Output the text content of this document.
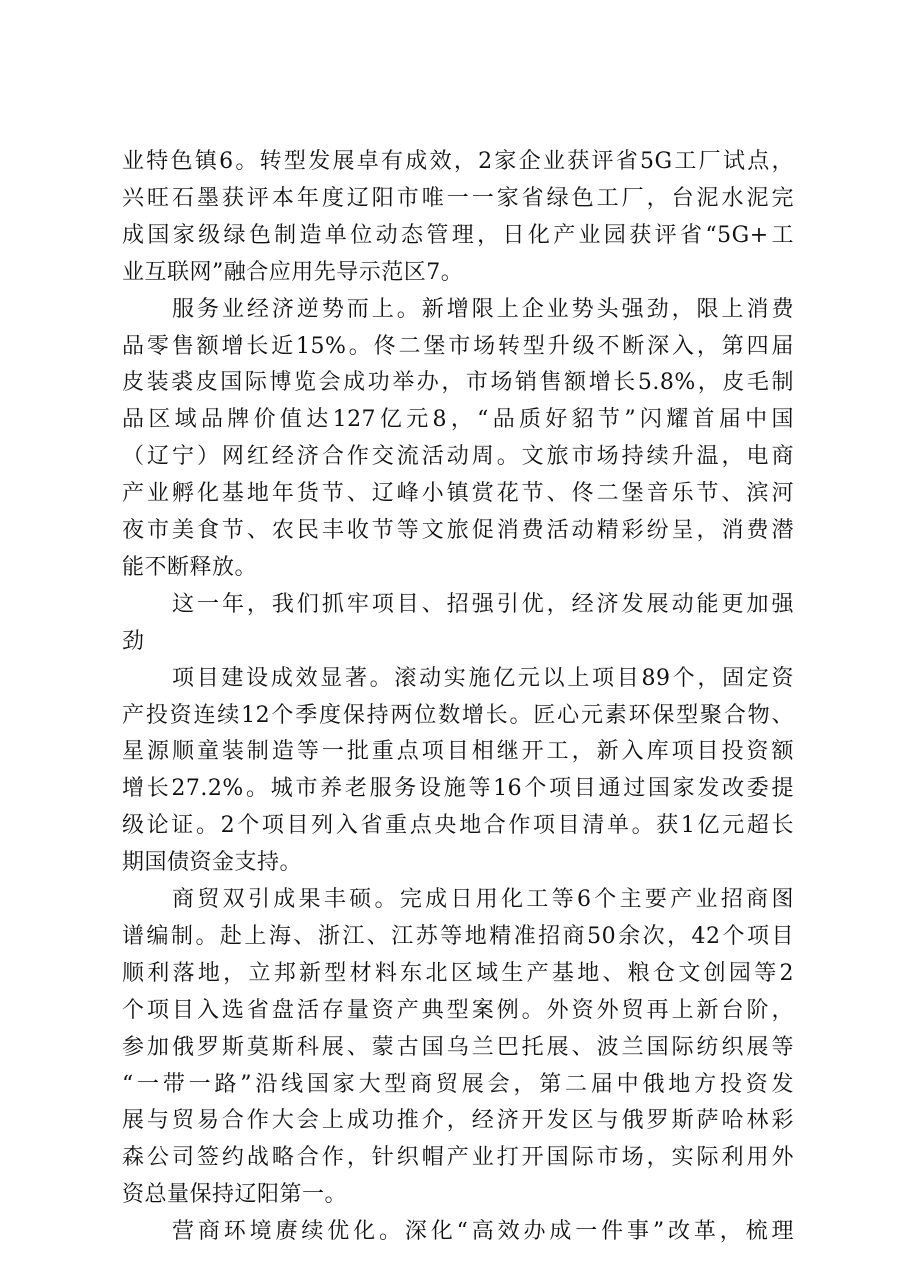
业特色镇6。转型发展卓有成效，2家企业获评省5G工厂试点，
兴旺石墨获评本年度辽阳市唯一一家省绿色工厂，台泥水泥完
成国家级绿色制造单位动态管理，日化产业园获评省“5G+工
业互联网”融合应用先导示范区7。
服务业经济逆势而上。新增限上企业势头强劲，限上消费
品零售额增长近15%。佟二堡市场转型升级不断深入，第四届
皮装裘皮国际博览会成功举办，市场销售额增长5.8%，皮毛制
品区域品牌价值达127亿元8，“品质好貂节”闪耀首届中国
（辽宁）网红经济合作交流活动周。文旅市场持续升温，电商
产业孵化基地年货节、辽峰小镇赏花节、佟二堡音乐节、滨河
夜市美食节、农民丰收节等文旅促消费活动精彩纷呈，消费潜
能不断释放。
这一年，我们抓牢项目、招强引优，经济发展动能更加强
劲
项目建设成效显著。滚动实施亿元以上项目89个，固定资
产投资连续12个季度保持两位数增长。匠心元素环保型聚合物、
星源顺童装制造等一批重点项目相继开工，新入库项目投资额
增长27.2%。城市养老服务设施等16个项目通过国家发改委提
级论证。2个项目列入省重点央地合作项目清单。获1亿元超长
期国债资金支持。
商贸双引成果丰硕。完成日用化工等6个主要产业招商图
谱编制。赴上海、浙江、江苏等地精准招商50余次，42个项目
顺利落地，立邦新型材料东北区域生产基地、粮仓文创园等2
个项目入选省盘活存量资产典型案例。外资外贸再上新台阶，
参加俄罗斯莫斯科展、蒙古国乌兰巴托展、波兰国际纺织展等
“一带一路”沿线国家大型商贸展会，第二届中俄地方投资发
展与贸易合作大会上成功推介，经济开发区与俄罗斯萨哈林彩
森公司签约战略合作，针织帽产业打开国际市场，实际利用外
资总量保持辽阳第一。
营商环境赓续优化。深化“高效办成一件事”改革，梳理
